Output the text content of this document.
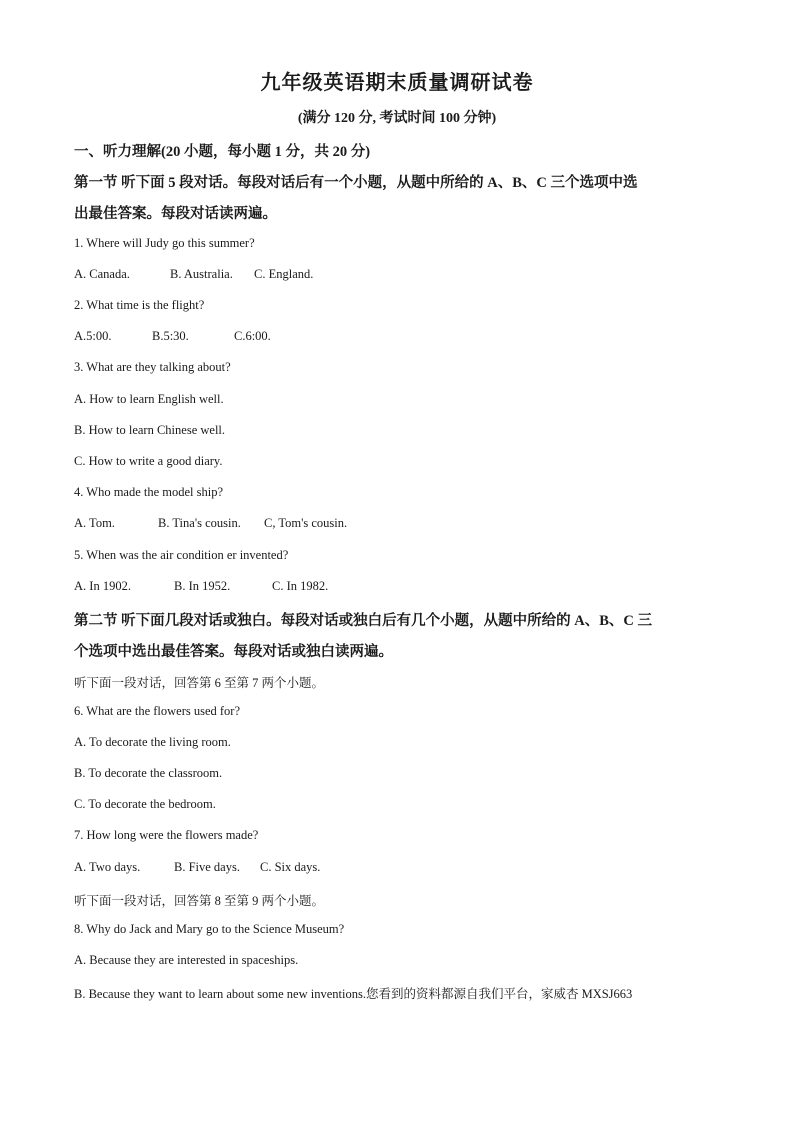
九年级英语期末质量调研试卷
(满分 120 分, 考试时间 100 分钟)
一、听力理解(20 小题，每小题 1 分，共 20 分)
第一节 听下面 5 段对话。每段对话后有一个小题，从题中所给的 A、B、C 三个选项中选
出最佳答案。每段对话读两遍。
1. Where will Judy go this summer?
A. Canada.	B. Australia. C. England.
2. What time is the flight?
A.5:00.	B.5:30.	C.6:00.
3. What are they talking about?
A. How to learn English well.
B. How to learn Chinese well.
C. How to write a good diary.
4. Who made the model ship?
A. Tom.	B. Tina's cousin. C, Tom's cousin.
5. When was the air condition er invented?
A. In 1902.	B. In 1952.	C. In 1982.
第二节 听下面几段对话或独白。每段对话或独白后有几个小题，从题中所给的 A、B、C 三
个选项中选出最佳答案。每段对话或独白读两遍。
听下面一段对话，回答第 6 至第 7 两个小题。
6. What are the flowers used for?
A. To decorate the living room.
B. To decorate the classroom.
C. To decorate the bedroom.
7. How long were the flowers made?
A. Two days.	B. Five days. C. Six days.
听下面一段对话，回答第 8 至第 9 两个小题。
8. Why do Jack and Mary go to the Science Museum?
A. Because they are interested in spaceships.
B. Because they want to learn about some new inventions.您看到的资料都源自我们平台，家威杏 MXSJ663
